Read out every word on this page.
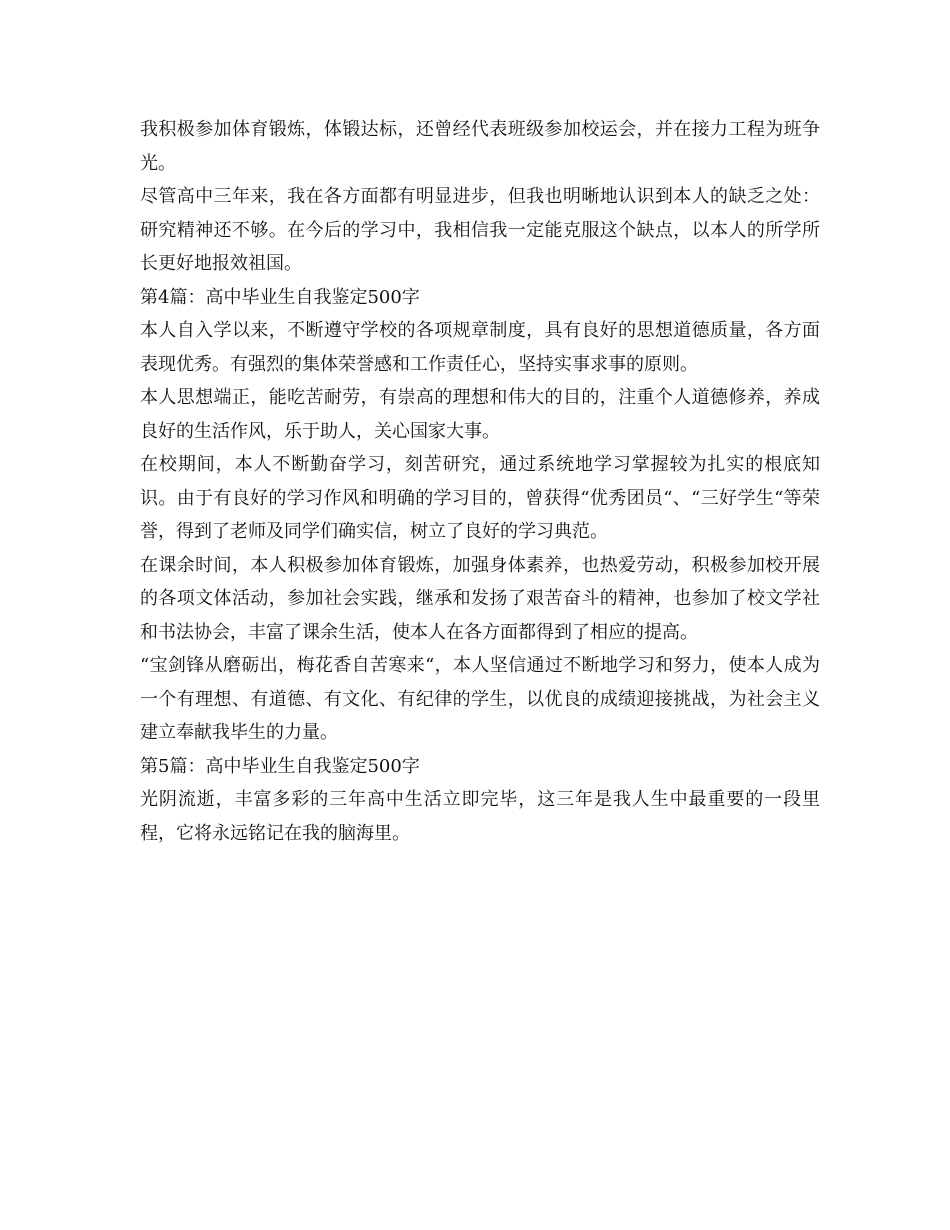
我积极参加体育锻炼，体锻达标，还曾经代表班级参加校运会，并在接力工程为班争光。

尽管高中三年来，我在各方面都有明显进步，但我也明晰地认识到本人的缺乏之处：研究精神还不够。在今后的学习中，我相信我一定能克服这个缺点，以本人的所学所长更好地报效祖国。

第4篇：高中毕业生自我鉴定500字

本人自入学以来，不断遵守学校的各项规章制度，具有良好的思想道德质量，各方面表现优秀。有强烈的集体荣誉感和工作责任心，坚持实事求事的原则。

本人思想端正，能吃苦耐劳，有崇高的理想和伟大的目的，注重个人道德修养，养成良好的生活作风，乐于助人，关心国家大事。

在校期间，本人不断勤奋学习，刻苦研究，通过系统地学习掌握较为扎实的根底知识。由于有良好的学习作风和明确的学习目的，曾获得“优秀团员“、“三好学生“等荣誉，得到了老师及同学们确实信，树立了良好的学习典范。

在课余时间，本人积极参加体育锻炼，加强身体素养，也热爱劳动，积极参加校开展的各项文体活动，参加社会实践，继承和发扬了艰苦奋斗的精神，也参加了校文学社和书法协会，丰富了课余生活，使本人在各方面都得到了相应的提高。

“宝剑锋从磨砺出，梅花香自苦寒来“，本人坚信通过不断地学习和努力，使本人成为一个有理想、有道德、有文化、有纪律的学生，以优良的成绩迎接挑战，为社会主义建立奉献我毕生的力量。

第5篇：高中毕业生自我鉴定500字

光阴流逝，丰富多彩的三年高中生活立即完毕，这三年是我人生中最重要的一段里程，它将永远铭记在我的脑海里。
